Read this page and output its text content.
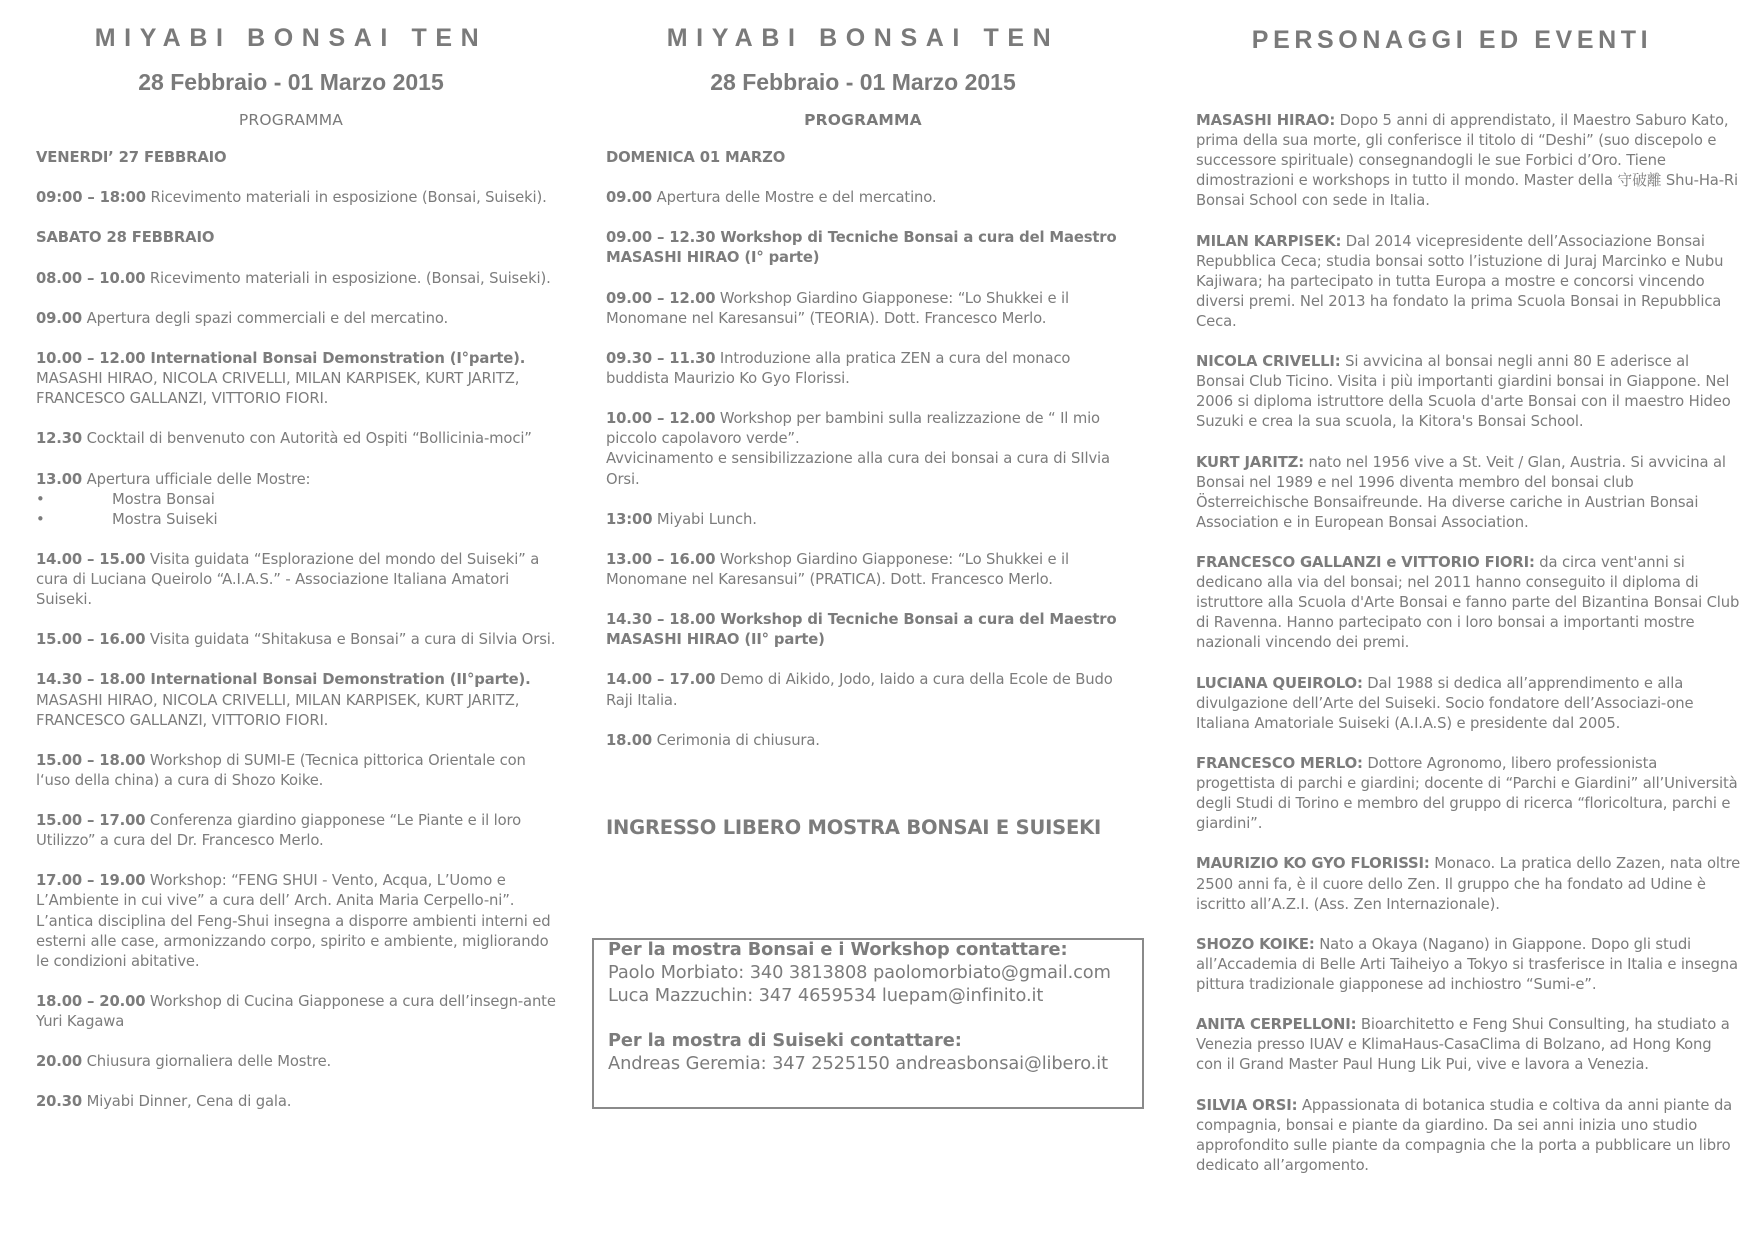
MIYABI BONSAI TEN
28 Febbraio - 01 Marzo 2015
PROGRAMMA
VENERDI’ 27 FEBBRAIO
09:00 – 18:00 Ricevimento materiali in esposizione (Bonsai, Suiseki).
SABATO 28 FEBBRAIO
08.00 – 10.00 Ricevimento materiali in esposizione. (Bonsai, Suiseki).
09.00 Apertura degli spazi commerciali e del mercatino.
10.00 – 12.00 International Bonsai Demonstration (I°parte).
MASASHI HIRAO, NICOLA CRIVELLI, MILAN KARPISEK, KURT JARITZ, FRANCESCO GALLANZI, VITTORIO FIORI.
12.30 Cocktail di benvenuto con Autorità ed Ospiti “Bollicinia-moci”
13.00 Apertura ufficiale delle Mostre:
•	Mostra Bonsai
•	Mostra Suiseki
14.00 – 15.00 Visita guidata “Esplorazione del mondo del Suiseki” a cura di Luciana Queirolo “A.I.A.S.” - Associazione Italiana Amatori Suiseki.
15.00 – 16.00 Visita guidata “Shitakusa e Bonsai” a cura di Silvia Orsi.
14.30 – 18.00 International Bonsai Demonstration (II°parte).
MASASHI HIRAO, NICOLA CRIVELLI, MILAN KARPISEK, KURT JARITZ, FRANCESCO GALLANZI, VITTORIO FIORI.
15.00 – 18.00 Workshop di SUMI-E (Tecnica pittorica Orientale con l‘uso della china) a cura di Shozo Koike.
15.00 – 17.00 Conferenza giardino giapponese “Le Piante e il loro Utilizzo” a cura del Dr. Francesco Merlo.
17.00 – 19.00 Workshop: “FENG SHUI - Vento, Acqua, L’Uomo e L’Ambiente in cui vive” a cura dell’ Arch. Anita Maria Cerpello-ni”.
L’antica disciplina del Feng-Shui insegna a disporre ambienti interni ed esterni alle case, armonizzando corpo, spirito e ambiente, migliorando le condizioni abitative.
18.00 – 20.00 Workshop di Cucina Giapponese a cura dell’insegn-ante Yuri Kagawa
20.00 Chiusura giornaliera delle Mostre.
20.30 Miyabi Dinner, Cena di gala.
MIYABI BONSAI TEN
28 Febbraio - 01 Marzo 2015
PROGRAMMA
DOMENICA 01 MARZO
09.00 Apertura delle Mostre e del mercatino.
09.00 – 12.30 Workshop di Tecniche Bonsai a cura del Maestro MASASHI HIRAO (I° parte)
09.00 – 12.00 Workshop Giardino Giapponese: “Lo Shukkei e il Monomane nel Karesansui” (TEORIA). Dott. Francesco Merlo.
09.30 – 11.30 Introduzione alla pratica ZEN a cura del monaco buddista Maurizio Ko Gyo Florissi.
10.00 – 12.00 Workshop per bambini sulla realizzazione de “ Il mio piccolo capolavoro verde”.
Avvicinamento e sensibilizzazione alla cura dei bonsai a cura di SIlvia Orsi.
13:00 Miyabi Lunch.
13.00 – 16.00 Workshop Giardino Giapponese: “Lo Shukkei e il Monomane nel Karesansui” (PRATICA). Dott. Francesco Merlo.
14.30 – 18.00 Workshop di Tecniche Bonsai a cura del Maestro MASASHI HIRAO (II° parte)
14.00 – 17.00 Demo di Aikido, Jodo, Iaido a cura della Ecole de Budo Raji Italia.
18.00 Cerimonia di chiusura.
INGRESSO LIBERO MOSTRA BONSAI E SUISEKI
Per la mostra Bonsai e i Workshop contattare:
Paolo Morbiato: 340 3813808 paolomorbiato@gmail.com
Luca Mazzuchin: 347 4659534 luepam@infinito.it
Per la mostra di Suiseki contattare:
Andreas Geremia: 347 2525150 andreasbonsai@libero.it
PERSONAGGI ED EVENTI
MASASHI HIRAO: Dopo 5 anni di apprendistato, il Maestro Saburo Kato, prima della sua morte, gli conferisce il titolo di “Deshi” (suo discepolo e successore spirituale) consegnandogli le sue Forbici d’Oro. Tiene dimostrazioni e workshops in tutto il mondo. Master della 守破離 Shu-Ha-Ri Bonsai School con sede in Italia.
MILAN KARPISEK: Dal 2014 vicepresidente dell’Associazione Bonsai Repubblica Ceca; studia bonsai sotto l’istuzione di Juraj Marcinko e Nubu Kajiwara; ha partecipato in tutta Europa a mostre e concorsi vincendo diversi premi. Nel 2013 ha fondato la prima Scuola Bonsai in Repubblica Ceca.
NICOLA CRIVELLI: Si avvicina al bonsai negli anni 80 E aderisce al Bonsai Club Ticino. Visita i più importanti giardini bonsai in Giappone. Nel 2006 si diploma istruttore della Scuola d'arte Bonsai con il maestro Hideo Suzuki e crea la sua scuola, la Kitora's Bonsai School.
KURT JARITZ: nato nel 1956 vive a St. Veit / Glan, Austria. Si avvicina al Bonsai nel 1989 e nel 1996 diventa membro del bonsai club Österreichische Bonsaifreunde. Ha diverse cariche in Austrian Bonsai Association e in European Bonsai Association.
FRANCESCO GALLANZI e VITTORIO FIORI: da circa vent'anni si dedicano alla via del bonsai; nel 2011 hanno conseguito il diploma di istruttore alla Scuola d'Arte Bonsai e fanno parte del Bizantina Bonsai Club di Ravenna. Hanno partecipato con i loro bonsai a importanti mostre nazionali vincendo dei premi.
LUCIANA QUEIROLO: Dal 1988 si dedica all’apprendimento e alla divulgazione dell’Arte del Suiseki. Socio fondatore dell’Associazi-one Italiana Amatoriale Suiseki (A.I.A.S) e presidente dal 2005.
FRANCESCO MERLO: Dottore Agronomo, libero professionista progettista di parchi e giardini; docente di “Parchi e Giardini” all’Università degli Studi di Torino e membro del gruppo di ricerca “floricoltura, parchi e giardini”.
MAURIZIO KO GYO FLORISSI: Monaco. La pratica dello Zazen, nata oltre 2500 anni fa, è il cuore dello Zen. Il gruppo che ha fondato ad Udine è iscritto all’A.Z.I. (Ass. Zen Internazionale).
SHOZO KOIKE: Nato a Okaya (Nagano) in Giappone. Dopo gli studi all’Accademia di Belle Arti Taiheiyo a Tokyo si trasferisce in Italia e insegna pittura tradizionale giapponese ad inchiostro “Sumi-e”.
ANITA CERPELLONI: Bioarchitetto e Feng Shui Consulting, ha studiato a Venezia presso IUAV e KlimaHaus-CasaClima di Bolzano, ad Hong Kong con il Grand Master Paul Hung Lik Pui, vive e lavora a Venezia.
SILVIA ORSI: Appassionata di botanica studia e coltiva da anni piante da compagnia, bonsai e piante da giardino. Da sei anni inizia uno studio approfondito sulle piante da compagnia che la porta a pubblicare un libro dedicato all’argomento.
